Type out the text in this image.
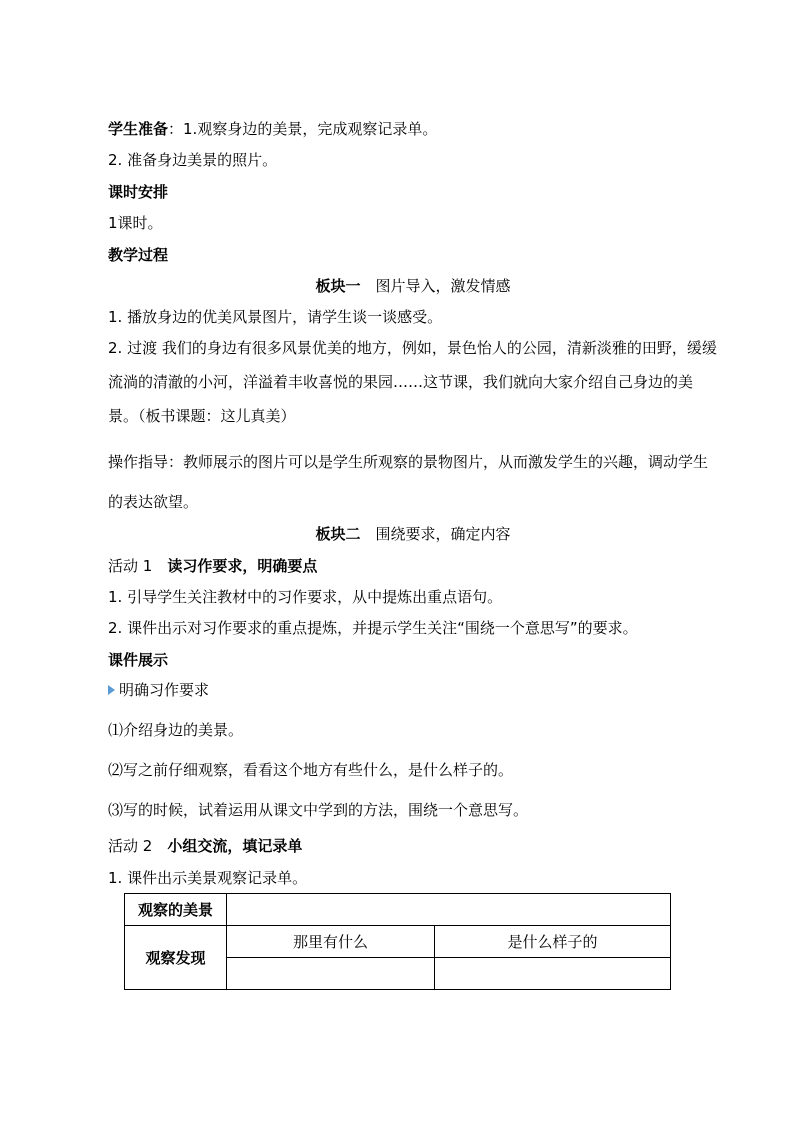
学生准备：1.观察身边的美景，完成观察记录单。
2. 准备身边美景的照片。
课时安排
1课时。
教学过程
板块一　图片导入，激发情感
1. 播放身边的优美风景图片，请学生谈一谈感受。
2. 过渡 我们的身边有很多风景优美的地方，例如，景色怡人的公园，清新淡雅的田野，缓缓流淌的清澈的小河，洋溢着丰收喜悦的果园……这节课，我们就向大家介绍自己身边的美景。（板书课题：这儿真美）
操作指导：教师展示的图片可以是学生所观察的景物图片，从而激发学生的兴趣，调动学生的表达欲望。
板块二　围绕要求，确定内容
活动 1　读习作要求，明确要点
1. 引导学生关注教材中的习作要求，从中提炼出重点语句。
2. 课件出示对习作要求的重点提炼，并提示学生关注“围绕一个意思写”的要求。
课件展示
明确习作要求
⑴介绍身边的美景。
⑵写之前仔细观察，看看这个地方有些什么，是什么样子的。
⑶写的时候，试着运用从课文中学到的方法，围绕一个意思写。
活动 2　小组交流，填记录单
1. 课件出示美景观察记录单。
观察的美景		
观察发现	那里有什么	是什么样子的
